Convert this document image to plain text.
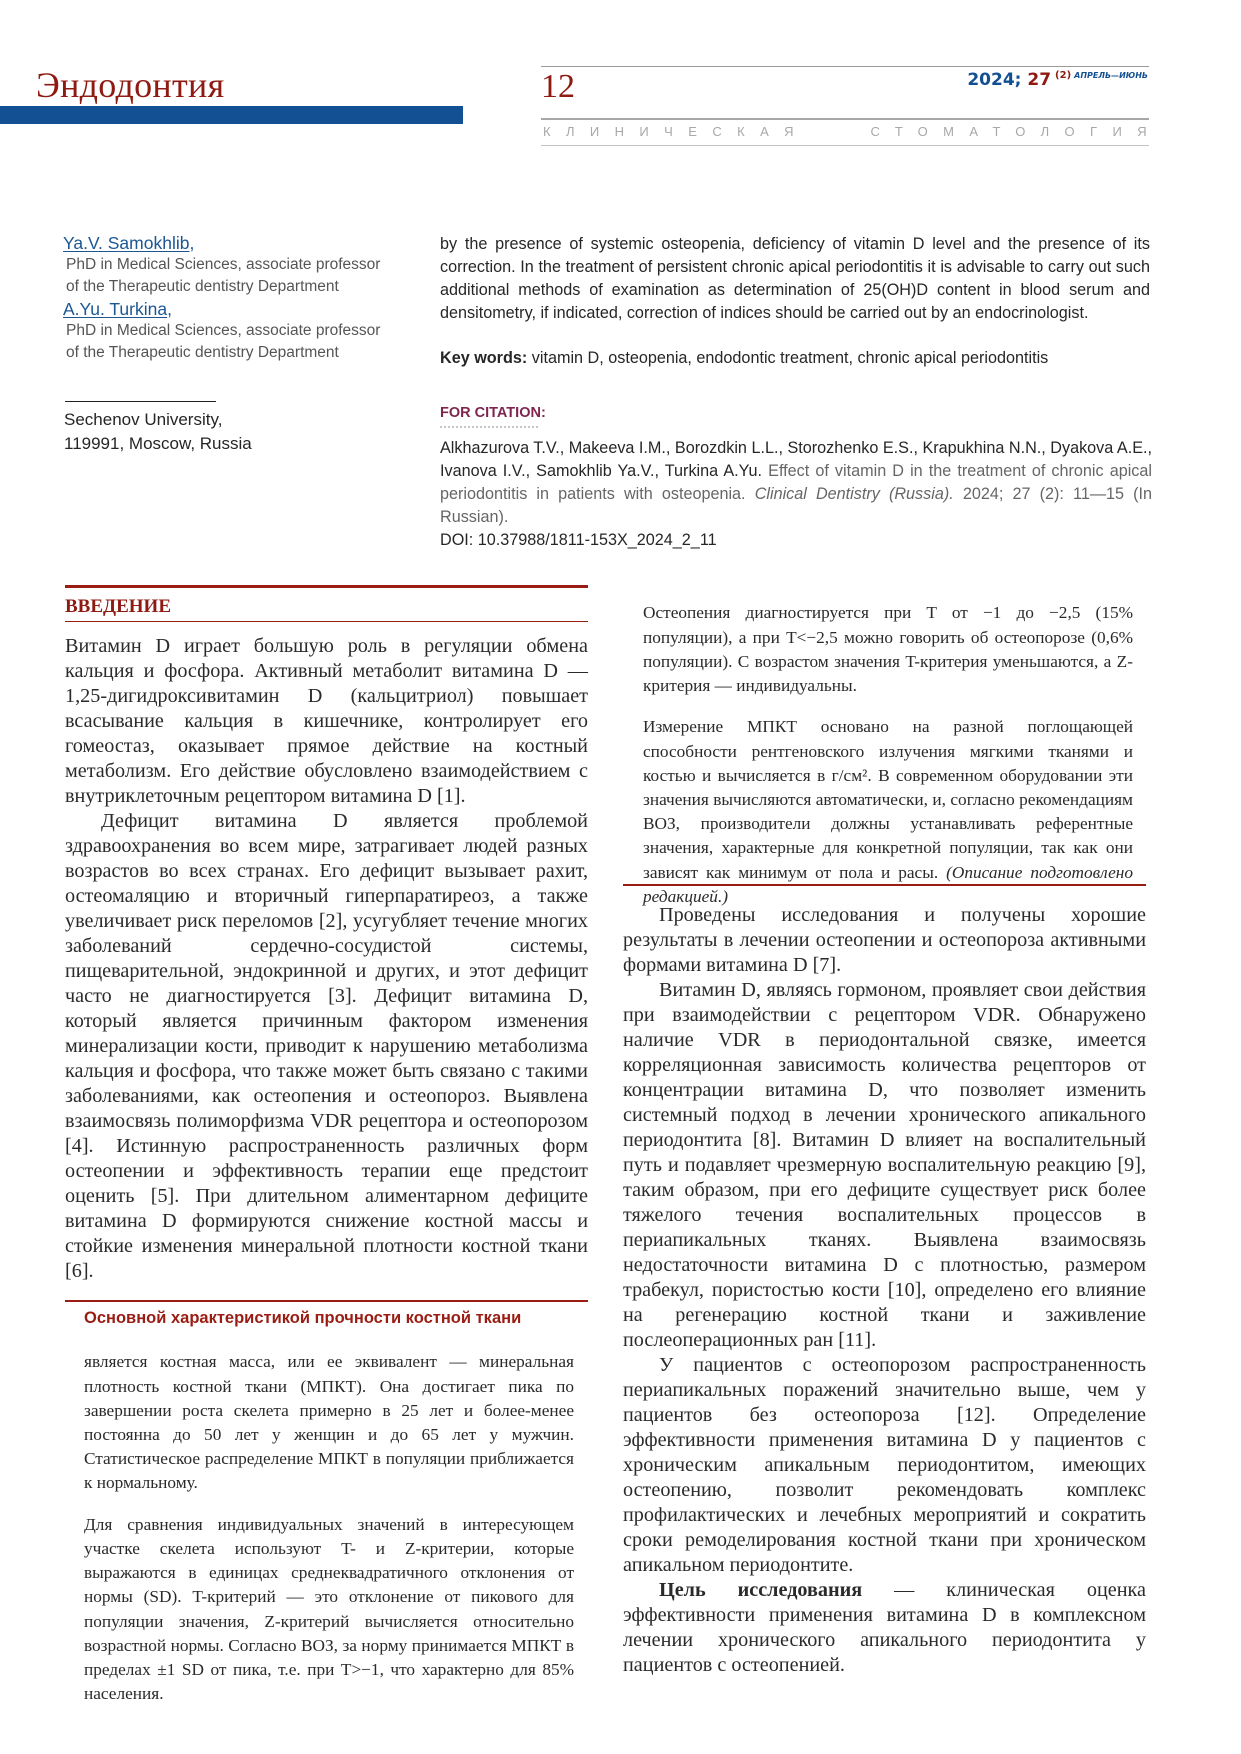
Эндодонтия	12	2024; 27 $^{(2)}$ $^{АПРЕЛЬ—ИЮНЬ}$
КЛИНИЧЕСКАЯ	СТОМАТОЛОГИЯ
Ya.V. Samokhlib,
PhD in Medical Sciences, associate professor
of the Therapeutic dentistry Department
A.Yu. Turkina,
PhD in Medical Sciences, associate professor
of the Therapeutic dentistry Department
Sechenov University,
119991, Moscow, Russia
by the presence of systemic osteopenia, deficiency of vitamin D level and the presence of its correction. In the treatment of persistent chronic apical periodontitis it is advisable to carry out such additional methods of examination as determination of 25(OH)D content in blood serum and densitometry, if indicated, correction of indices should be carried out by an endocrinologist.
Key words: vitamin D, osteopenia, endodontic treatment, chronic apical periodontitis
FOR CITATION:
Alkhazurova T.V., Makeeva I.M., Borozdkin L.L., Storozhenko E.S., Krapukhina N.N., Dyakova A.E., Ivanova I.V., Samokhlib Ya.V., Turkina A.Yu. Effect of vitamin D in the treatment of chronic apical periodontitis in patients with osteopenia. Clinical Dentistry (Russia). 2024; 27 (2): 11—15 (In Russian).
DOI: 10.37988/1811-153X_2024_2_11
ВВЕДЕНИЕ

Витамин D играет большую роль в регуляции обмена кальция и фосфора. Активный метаболит витамина D — 1,25-дигидроксивитамин D (кальцитриол) повышает всасывание кальция в кишечнике, контролирует его гомеостаз, оказывает прямое действие на костный метаболизм. Его действие обусловлено взаимодействием с внутриклеточным рецептором витамина D [1].

Дефицит витамина D является проблемой здравоохранения во всем мире, затрагивает людей разных возрастов во всех странах. Его дефицит вызывает рахит, остеомаляцию и вторичный гиперпаратиреоз, а также увеличивает риск переломов [2], усугубляет течение многих заболеваний сердечно-сосудистой системы, пищеварительной, эндокринной и других, и этот дефицит часто не диагностируется [3]. Дефицит витамина D, который является причинным фактором изменения минерализации кости, приводит к нарушению метаболизма кальция и фосфора, что также может быть связано с такими заболеваниями, как остеопения и остеопороз. Выявлена взаимосвязь полиморфизма VDR рецептора и остеопорозом [4]. Истинную распространенность различных форм остеопении и эффективность терапии еще предстоит оценить [5]. При длительном алиментарном дефиците витамина D формируются снижение костной массы и стойкие изменения минеральной плотности костной ткани [6].

Основной характеристикой прочности костной ткани

является костная масса, или ее эквивалент — минеральная плотность костной ткани (МПКТ). Она достигает пика по завершении роста скелета примерно в 25 лет и более-менее постоянна до 50 лет у женщин и до 65 лет у мужчин. Статистическое распределение МПКТ в популяции приближается к нормальному.

Для сравнения индивидуальных значений в интересующем участке скелета используют T- и Z-критерии, которые выражаются в единицах среднеквадратичного отклонения от нормы (SD). T-критерий — это отклонение от пикового для популяции значения, Z-критерий вычисляется относительно возрастной нормы. Согласно ВОЗ, за норму принимается МПКТ в пределах ±1 SD от пика, т.е. при T>−1, что характерно для 85% населения.

Остеопения диагностируется при T от −1 до −2,5 (15% популяции), а при T<−2,5 можно говорить об остеопорозе (0,6% популяции). С возрастом значения T-критерия уменьшаются, а Z-критерия — индивидуальны.

Измерение МПКТ основано на разной поглощающей способности рентгеновского излучения мягкими тканями и костью и вычисляется в г/см². В современном оборудовании эти значения вычисляются автоматически, и, согласно рекомендациям ВОЗ, производители должны устанавливать референтные значения, характерные для конкретной популяции, так как они зависят как минимум от пола и расы. (Описание подготовлено редакцией.)

Проведены исследования и получены хорошие результаты в лечении остеопении и остеопороза активными формами витамина D [7].

Витамин D, являясь гормоном, проявляет свои действия при взаимодействии с рецептором VDR. Обнаружено наличие VDR в периодонтальной связке, имеется корреляционная зависимость количества рецепторов от концентрации витамина D, что позволяет изменить системный подход в лечении хронического апикального периодонтита [8]. Витамин D влияет на воспалительный путь и подавляет чрезмерную воспалительную реакцию [9], таким образом, при его дефиците существует риск более тяжелого течения воспалительных процессов в периапикальных тканях. Выявлена взаимосвязь недостаточности витамина D с плотностью, размером трабекул, пористостью кости [10], определено его влияние на регенерацию костной ткани и заживление послеоперационных ран [11].

У пациентов с остеопорозом распространенность периапикальных поражений значительно выше, чем у пациентов без остеопороза [12]. Определение эффективности применения витамина D у пациентов с хроническим апикальным периодонтитом, имеющих остеопению, позволит рекомендовать комплекс профилактических и лечебных мероприятий и сократить сроки ремоделирования костной ткани при хроническом апикальном периодонтите.

Цель исследования — клиническая оценка эффективности применения витамина D в комплексном лечении хронического апикального периодонтита у пациентов с остеопенией.
